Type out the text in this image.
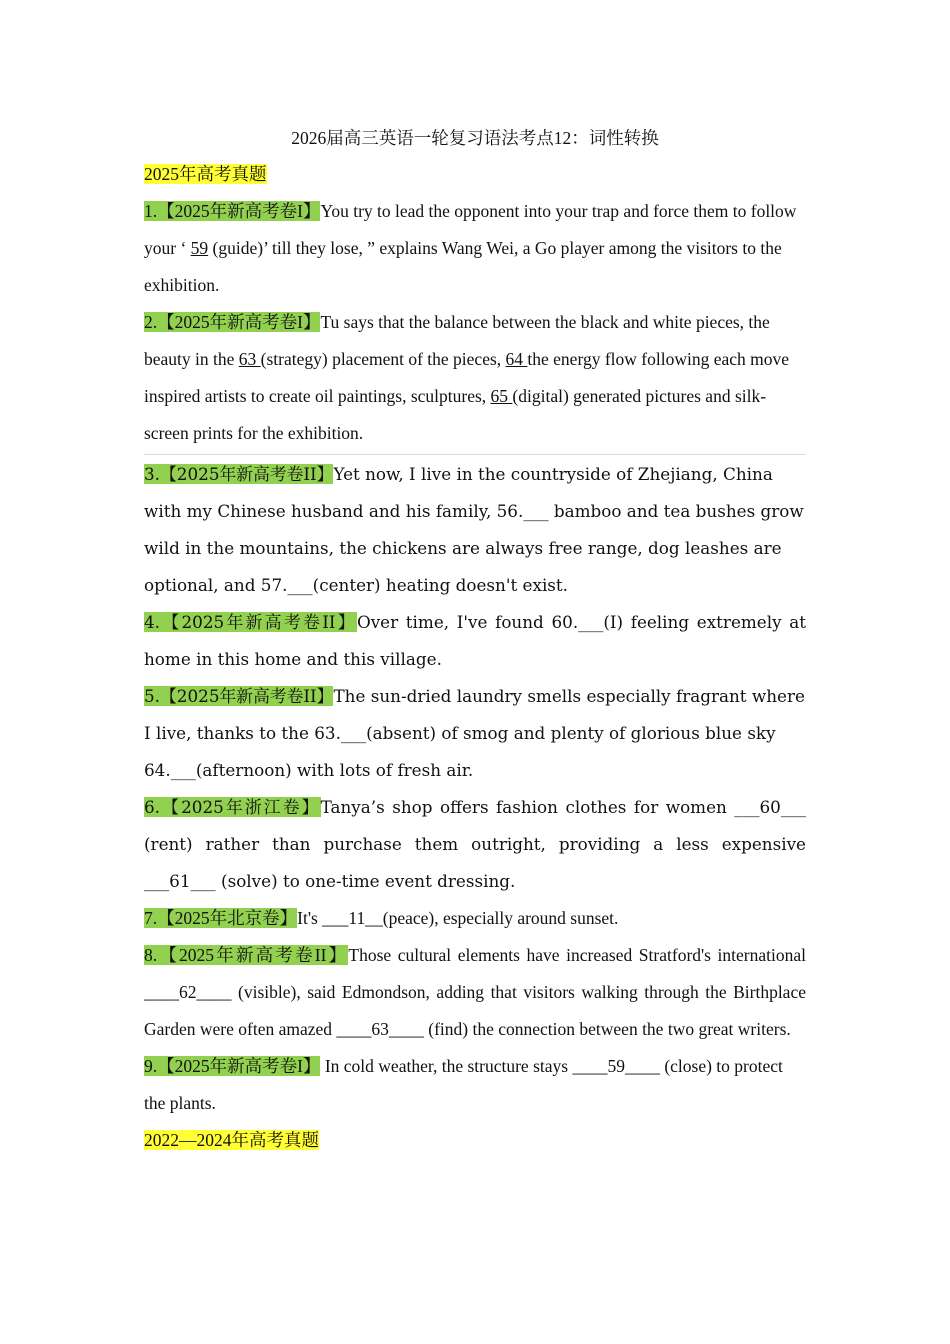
2026届高三英语一轮复习语法考点12：词性转换

2025年高考真题

1.【2025年新高考卷I】You try to lead the opponent into your trap and force them to follow your ‘ 59 (guide)’ till they lose, ” explains Wang Wei, a Go player among the visitors to the exhibition.

2.【2025年新高考卷I】Tu says that the balance between the black and white pieces, the beauty in the 63 (strategy) placement of the pieces, 64 the energy flow following each move inspired artists to create oil paintings, sculptures, 65 (digital) generated pictures and silk-screen prints for the exhibition.

3.【2025年新高考卷II】Yet now, I live in the countryside of Zhejiang, China with my Chinese husband and his family, 56.___ bamboo and tea bushes grow wild in the mountains, the chickens are always free range, dog leashes are optional, and 57.___(center) heating doesn't exist.

4.【2025年新高考卷II】Over time, I've found 60.___(I) feeling extremely at home in this home and this village.

5.【2025年新高考卷II】The sun-dried laundry smells especially fragrant where I live, thanks to the 63.___(absent) of smog and plenty of glorious blue sky 64.___(afternoon) with lots of fresh air.

6.【2025年浙江卷】Tanya’s shop offers fashion clothes for women ___60___ (rent) rather than purchase them outright, providing a less expensive ___61___ (solve) to one-time event dressing.

7.【2025年北京卷】It's ___11__(peace), especially around sunset.

8.【2025年新高考卷II】Those cultural elements have increased Stratford's international ____62____ (visible), said Edmondson, adding that visitors walking through the Birthplace Garden were often amazed ____63____ (find) the connection between the two great writers.

9.【2025年新高考卷I】 In cold weather, the structure stays ____59____ (close) to protect the plants.

2022—2024年高考真题
